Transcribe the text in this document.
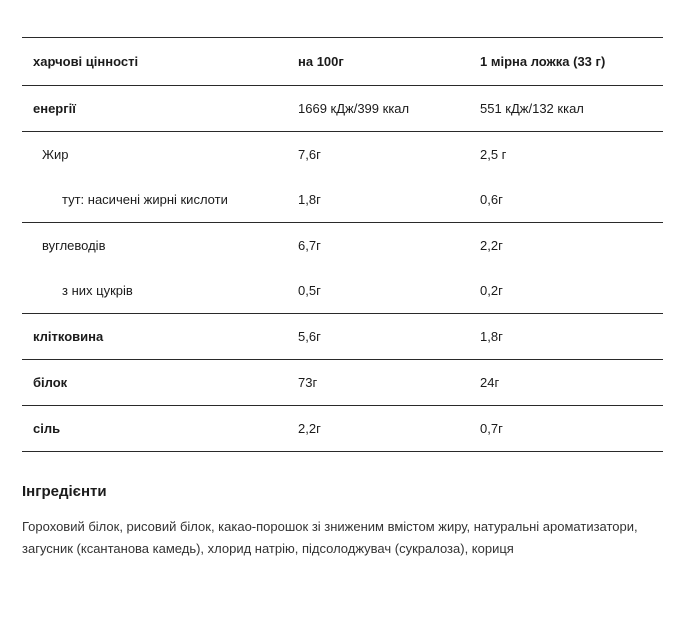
харчові цінності	на 100г	1 мірна ложка (33 г)
енергії	1669 кДж/399 ккал	551 кДж/132 ккал
Жир	7,6г	2,5 г
тут: насичені жирні кислоти	1,8г	0,6г
вуглеводів	6,7г	2,2г
з них цукрів	0,5г	0,2г
клітковина	5,6г	1,8г
білок	73г	24г
сіль	2,2г	0,7г
Інгредієнти

Гороховий білок, рисовий білок, какао-порошок зі зниженим вмістом жиру, натуральні ароматизатори, загусник (ксантанова камедь), хлорид натрію, підсолоджувач (сукралоза), кориця
